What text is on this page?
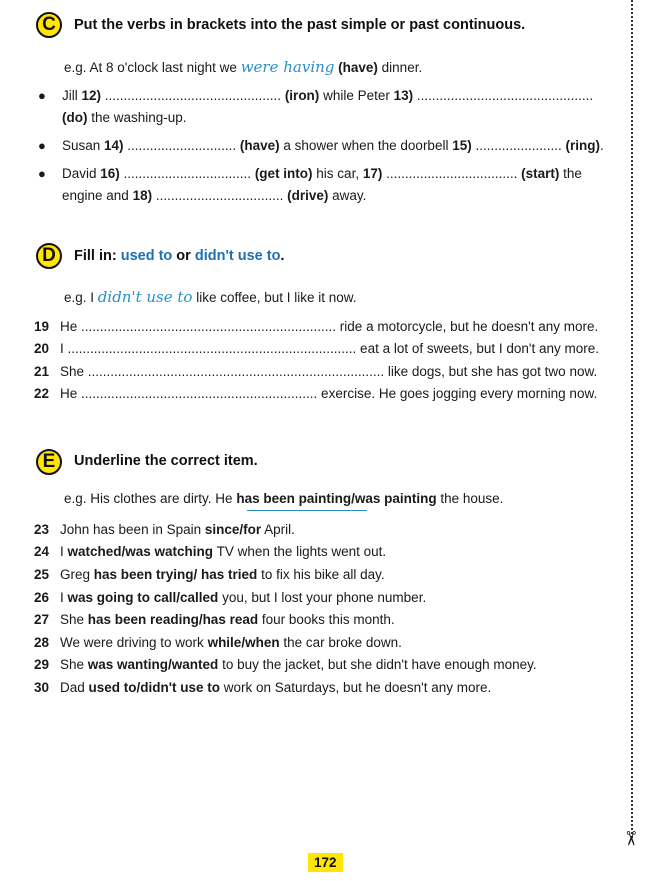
✂
C	Put the verbs in brackets into the past simple or past continuous.
e.g. At 8 o'clock last night we were having (have) dinner.
● Jill 12) ............................................... (iron) while Peter 13) ...............................................
(do) the washing-up.
● Susan 14) ............................. (have) a shower when the doorbell 15) ....................... (ring).
● David 16) .................................. (get into) his car, 17) ................................... (start) the
engine and 18) .................................. (drive) away.
D	Fill in: used to or didn't use to.
e.g. I didn't use to like coffee, but I like it now.
19 He .................................................................... ride a motorcycle, but he doesn't any more.
20 I ............................................................................. eat a lot of sweets, but I don't any more.
21 She ............................................................................... like dogs, but she has got two now.
22 He ............................................................... exercise. He goes jogging every morning now.
E	Underline the correct item.
e.g. His clothes are dirty. He has been painting/was painting the house.
23 John has been in Spain since/for April.
24 I watched/was watching TV when the lights went out.
25 Greg has been trying/ has tried to fix his bike all day.
26 I was going to call/called you, but I lost your phone number.
27 She has been reading/has read four books this month.
28 We were driving to work while/when the car broke down.
29 She was wanting/wanted to buy the jacket, but she didn't have enough money.
30 Dad used to/didn't use to work on Saturdays, but he doesn't any more.
172
